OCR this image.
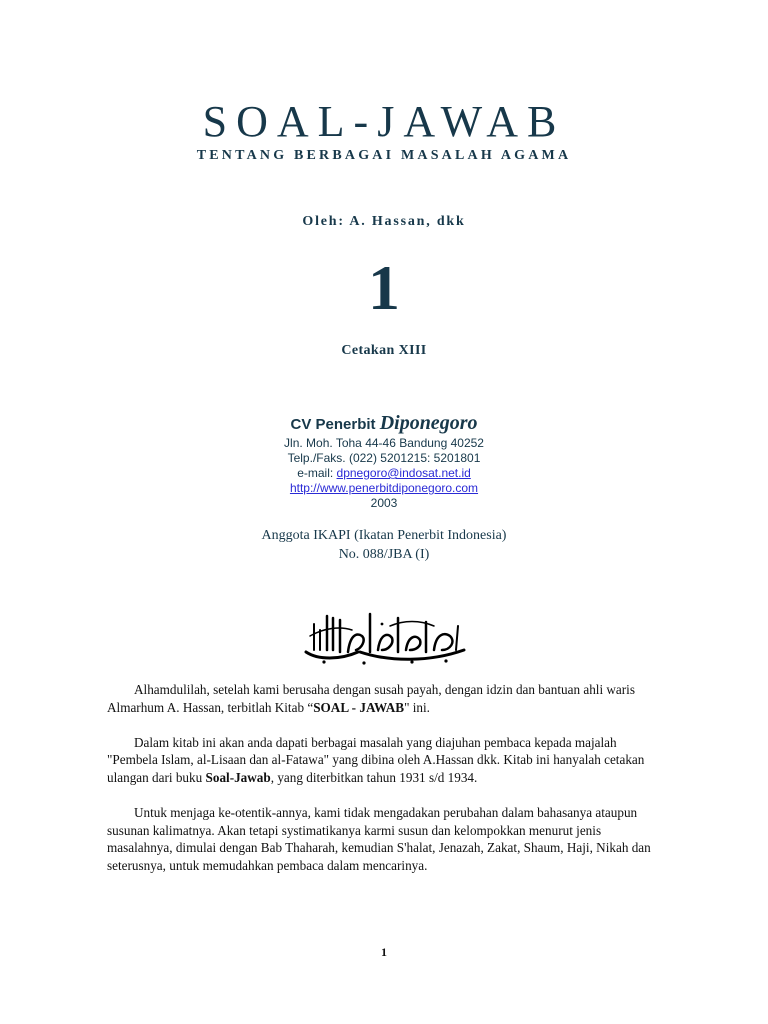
SOAL-JAWAB
TENTANG BERBAGAI MASALAH AGAMA
Oleh: A. Hassan, dkk
1
Cetakan XIII
CV Penerbit Diponegoro
Jln. Moh. Toha 44-46 Bandung 40252
Telp./Faks. (022) 5201215: 5201801
e-mail: dpnegoro@indosat.net.id
http://www.penerbitdiponegoro.com
2003
Anggota IKAPI (Ikatan Penerbit Indonesia)
No. 088/JBA (I)

Alhamdulilah, setelah kami berusaha dengan susah payah, dengan idzin dan bantuan ahli waris Almarhum A. Hassan, terbitlah Kitab “SOAL - JAWAB" ini.

Dalam kitab ini akan anda dapati berbagai masalah yang diajuhan pembaca kepada majalah "Pembela Islam, al-Lisaan dan al-Fatawa" yang dibina oleh A.Hassan dkk. Kitab ini hanyalah cetakan ulangan dari buku Soal-Jawab, yang diterbitkan tahun 1931 s/d 1934.

Untuk menjaga ke-otentik-annya, kami tidak mengadakan perubahan dalam bahasanya ataupun susunan kalimatnya. Akan tetapi systimatikanya karmi susun dan kelompokkan menurut jenis masalahnya, dimulai dengan Bab Thaharah, kemudian S'halat, Jenazah, Zakat, Shaum, Haji, Nikah dan seterusnya, untuk memudahkan pembaca dalam mencarinya.

1
